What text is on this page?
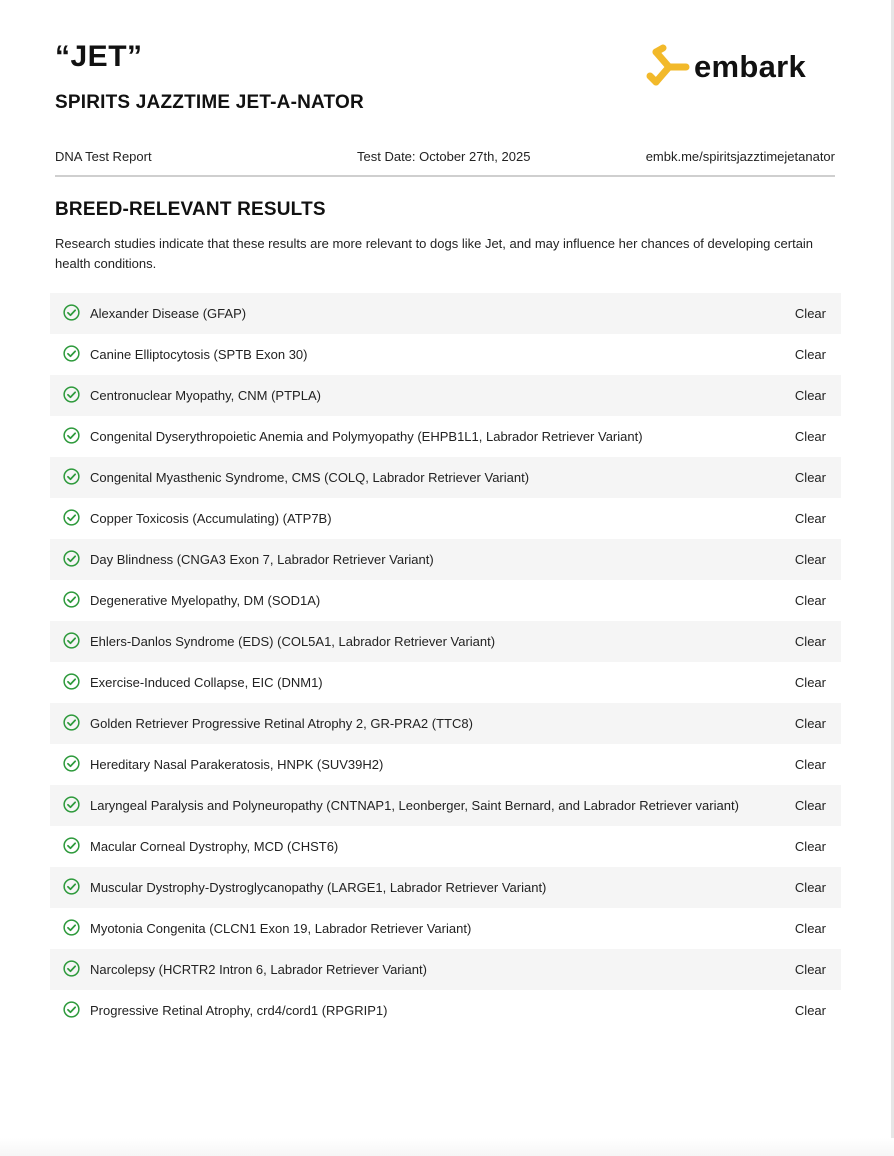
“JET”
SPIRITS JAZZTIME JET-A-NATOR
embark
DNA Test Report	Test Date: October 27th, 2025	embk.me/spiritsjazztimejetanator
BREED-RELEVANT RESULTS

Research studies indicate that these results are more relevant to dogs like Jet, and may influence her chances of developing certain health conditions.

Alexander Disease (GFAP)	Clear
Canine Elliptocytosis (SPTB Exon 30)	Clear
Centronuclear Myopathy, CNM (PTPLA)	Clear
Congenital Dyserythropoietic Anemia and Polymyopathy (EHPB1L1, Labrador Retriever Variant)	Clear
Congenital Myasthenic Syndrome, CMS (COLQ, Labrador Retriever Variant)	Clear
Copper Toxicosis (Accumulating) (ATP7B)	Clear
Day Blindness (CNGA3 Exon 7, Labrador Retriever Variant)	Clear
Degenerative Myelopathy, DM (SOD1A)	Clear
Ehlers-Danlos Syndrome (EDS) (COL5A1, Labrador Retriever Variant)	Clear
Exercise-Induced Collapse, EIC (DNM1)	Clear
Golden Retriever Progressive Retinal Atrophy 2, GR-PRA2 (TTC8)	Clear
Hereditary Nasal Parakeratosis, HNPK (SUV39H2)	Clear
Laryngeal Paralysis and Polyneuropathy (CNTNAP1, Leonberger, Saint Bernard, and Labrador Retriever variant)	Clear
Macular Corneal Dystrophy, MCD (CHST6)	Clear
Muscular Dystrophy-Dystroglycanopathy (LARGE1, Labrador Retriever Variant)	Clear
Myotonia Congenita (CLCN1 Exon 19, Labrador Retriever Variant)	Clear
Narcolepsy (HCRTR2 Intron 6, Labrador Retriever Variant)	Clear
Progressive Retinal Atrophy, crd4/cord1 (RPGRIP1)	Clear
